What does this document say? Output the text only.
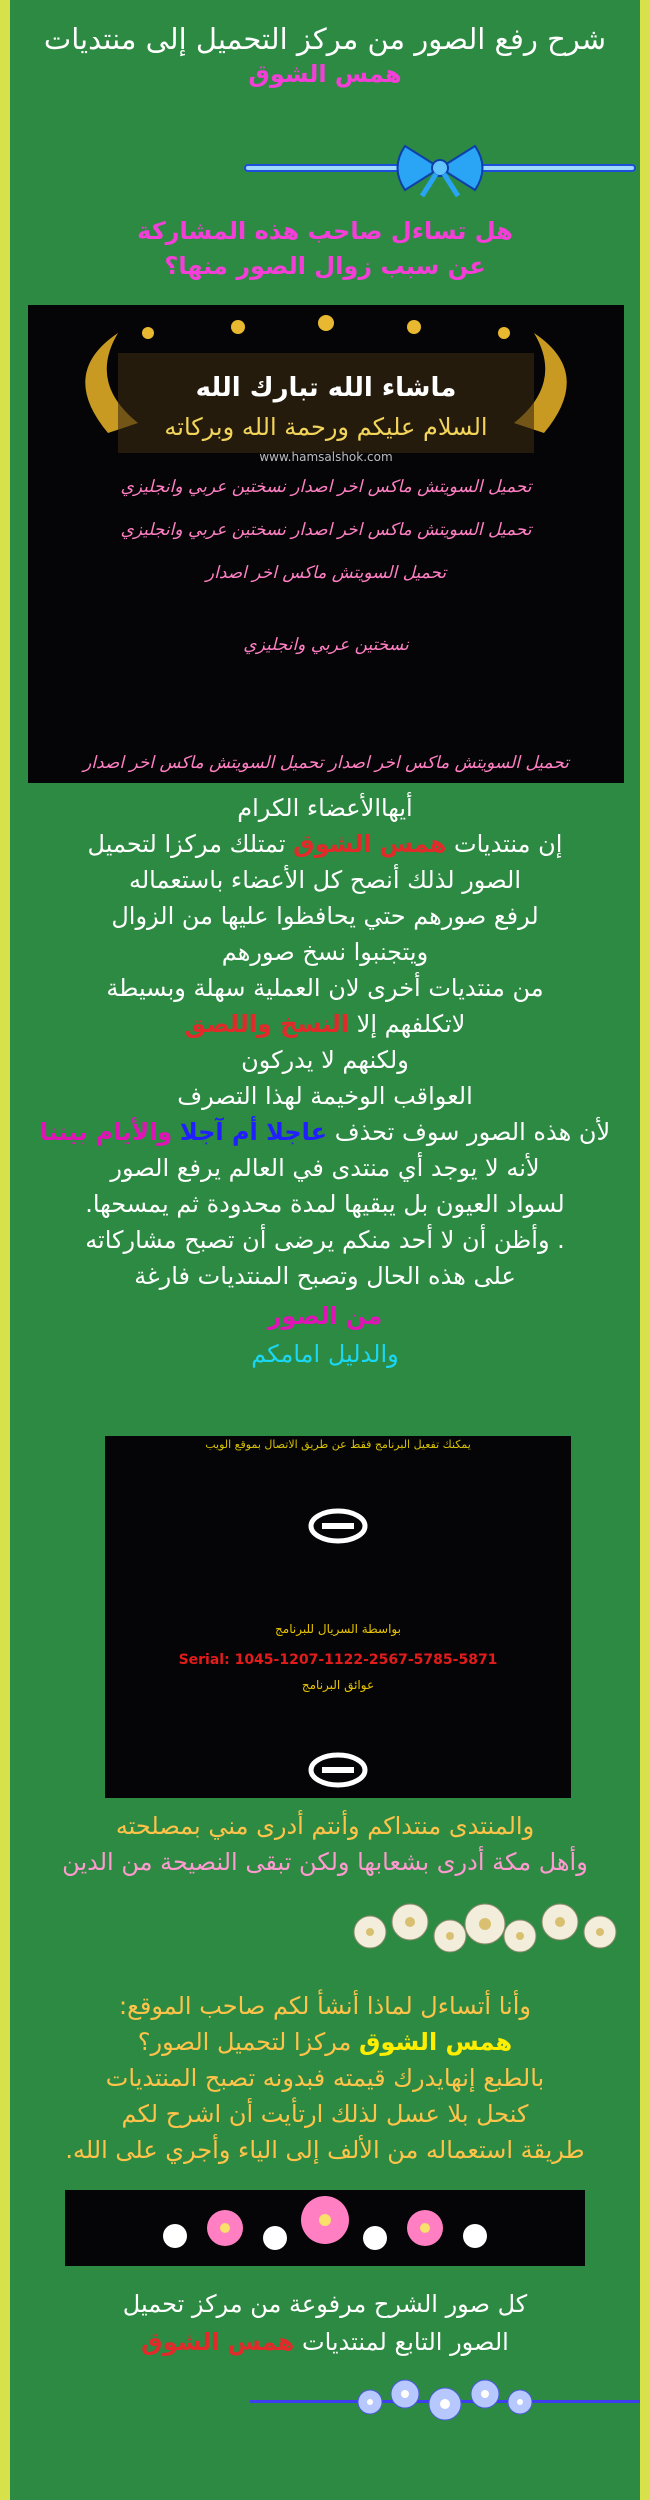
شرح رفع الصور من مركز التحميل إلى منتديات
همس الشوق
هل تساءل صاحب هذه المشاركة
عن سبب زوال الصور منها؟
ماشاء الله تبارك الله
السلام عليكم ورحمة الله وبركاته
www.hamsalshok.com
تحميل السويتش ماكس اخر اصدار نسختين عربي وانجليزي
تحميل السويتش ماكس اخر اصدار نسختين عربي وانجليزي
تحميل السويتش ماكس اخر اصدار
نسختين عربي وانجليزي
تحميل السويتش ماكس اخر اصدار تحميل السويتش ماكس اخر اصدار
أيهاالأعضاء الكرام
إن منتديات همس الشوق تمتلك مركزا لتحميل
الصور لذلك أنصح كل الأعضاء باستعماله
لرفع صورهم حتي يحافظوا عليها من الزوال
ويتجنبوا نسخ صورهم
من منتديات أخرى لان العملية سهلة وبسيطة
لاتكلفهم إلا النسخ واللصق
ولكنهم لا يدركون
العواقب الوخيمة لهذا التصرف
لأن هذه الصور سوف تحذف عاجلا أم آجلا والأيام بيننا
لأنه لا يوجد أي منتدى في العالم يرفع الصور
لسواد العيون بل يبقيها لمدة محدودة ثم يمسحها.
. وأظن أن لا أحد منكم يرضى أن تصبح مشاركاته
على هذه الحال وتصبح المنتديات فارغة
من الصور
والدليل امامكم
يمكنك تفعيل البرنامج فقط عن طريق الاتصال بموقع الويب
بواسطة السريال للبرنامج
Serial: 1045-1207-1122-2567-5785-5871
عوائق البرنامج
والمنتدى منتداكم وأنتم أدرى مني بمصلحته
وأهل مكة أدرى بشعابها ولكن تبقى النصيحة من الدين
وأنا أتساءل لماذا أنشأ لكم صاحب الموقع:
همس الشوق مركزا لتحميل الصور؟
بالطبع إنهايدرك قيمته فبدونه تصبح المنتديات
كنحل بلا عسل لذلك ارتأيت أن اشرح لكم
طريقة استعماله من الألف إلى الياء وأجري على الله.
كل صور الشرح مرفوعة من مركز تحميل
الصور التابع لمنتديات همس الشوق
